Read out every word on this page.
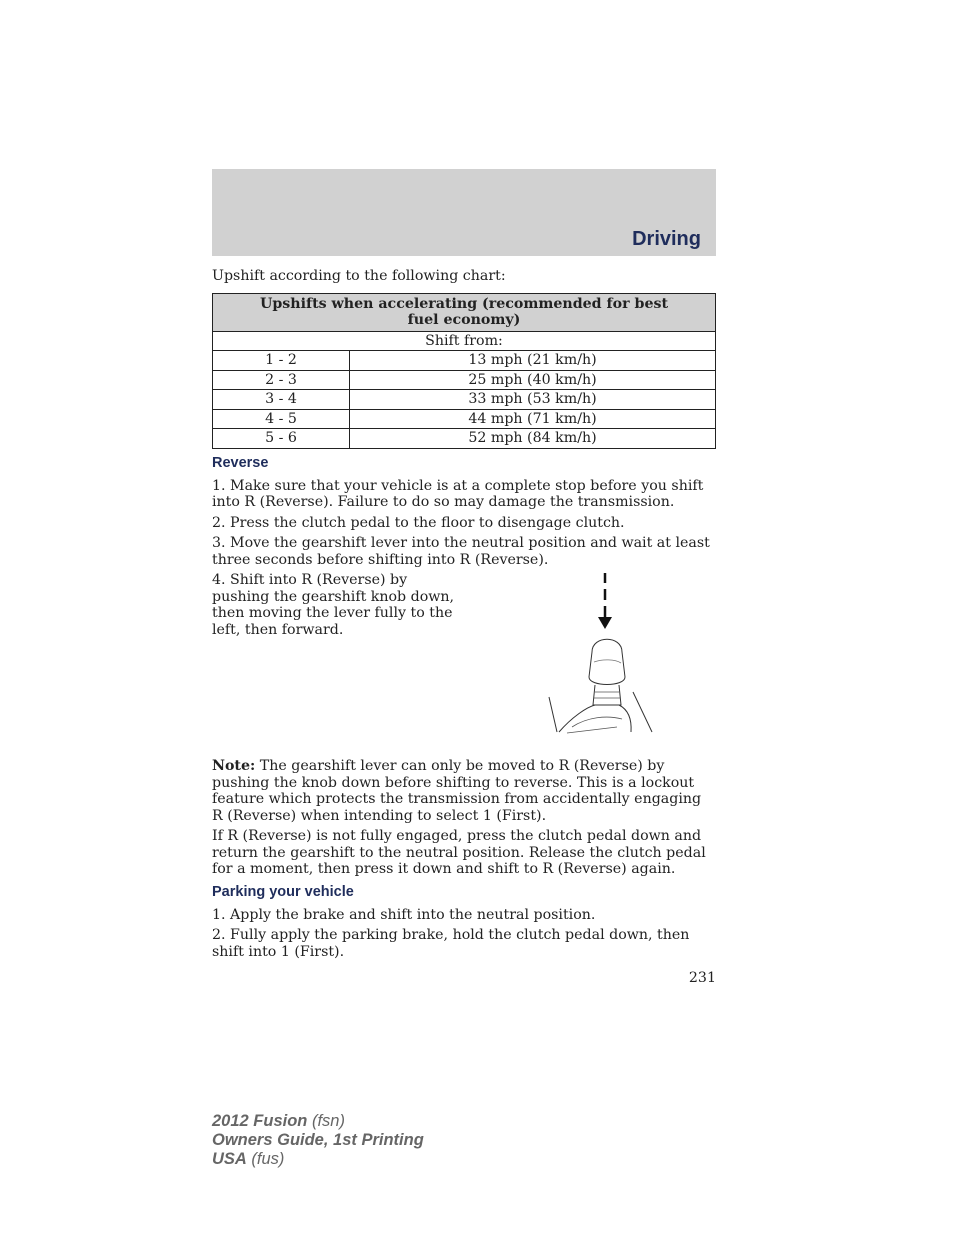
Driving

Upshift according to the following chart:

Upshifts when accelerating (recommended for best fuel economy)	
Shift from:	
1 - 2	13 mph (21 km/h)
2 - 3	25 mph (40 km/h)
3 - 4	33 mph (53 km/h)
4 - 5	44 mph (71 km/h)
5 - 6	52 mph (84 km/h)
Reverse

1. Make sure that your vehicle is at a complete stop before you shift into R (Reverse). Failure to do so may damage the transmission.

2. Press the clutch pedal to the floor to disengage clutch.

3. Move the gearshift lever into the neutral position and wait at least three seconds before shifting into R (Reverse).

4. Shift into R (Reverse) by pushing the gearshift knob down, then moving the lever fully to the left, then forward.

Note: The gearshift lever can only be moved to R (Reverse) by pushing the knob down before shifting to reverse. This is a lockout feature which protects the transmission from accidentally engaging R (Reverse) when intending to select 1 (First).

If R (Reverse) is not fully engaged, press the clutch pedal down and return the gearshift to the neutral position. Release the clutch pedal for a moment, then press it down and shift to R (Reverse) again.

Parking your vehicle

1. Apply the brake and shift into the neutral position.

2. Fully apply the parking brake, hold the clutch pedal down, then shift into 1 (First).

231
2012 Fusion (fsn)
Owners Guide, 1st Printing
USA (fus)
